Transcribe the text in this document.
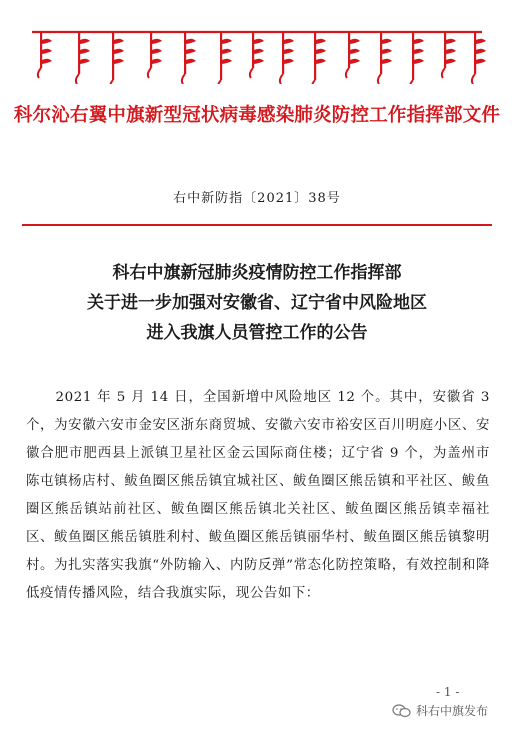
科尔沁右翼中旗新型冠状病毒感染肺炎防控工作指挥部文件
右中新防指〔2021〕38号
科右中旗新冠肺炎疫情防控工作指挥部
关于进一步加强对安徽省、辽宁省中风险地区
进入我旗人员管控工作的公告

2021 年 5 月 14 日，全国新增中风险地区 12 个。其中，安徽省 3 个，为安徽六安市金安区浙东商贸城、安徽六安市裕安区百川明庭小区、安徽合肥市肥西县上派镇卫星社区金云国际商住楼；辽宁省 9 个，为盖州市陈屯镇杨店村、鲅鱼圈区熊岳镇宜城社区、鲅鱼圈区熊岳镇和平社区、鲅鱼圈区熊岳镇站前社区、鲅鱼圈区熊岳镇北关社区、鲅鱼圈区熊岳镇幸福社区、鲅鱼圈区熊岳镇胜利村、鲅鱼圈区熊岳镇丽华村、鲅鱼圈区熊岳镇黎明村。为扎实落实我旗“外防输入、内防反弹”常态化防控策略，有效控制和降低疫情传播风险，结合我旗实际，现公告如下：

- 1 -
科右中旗发布
